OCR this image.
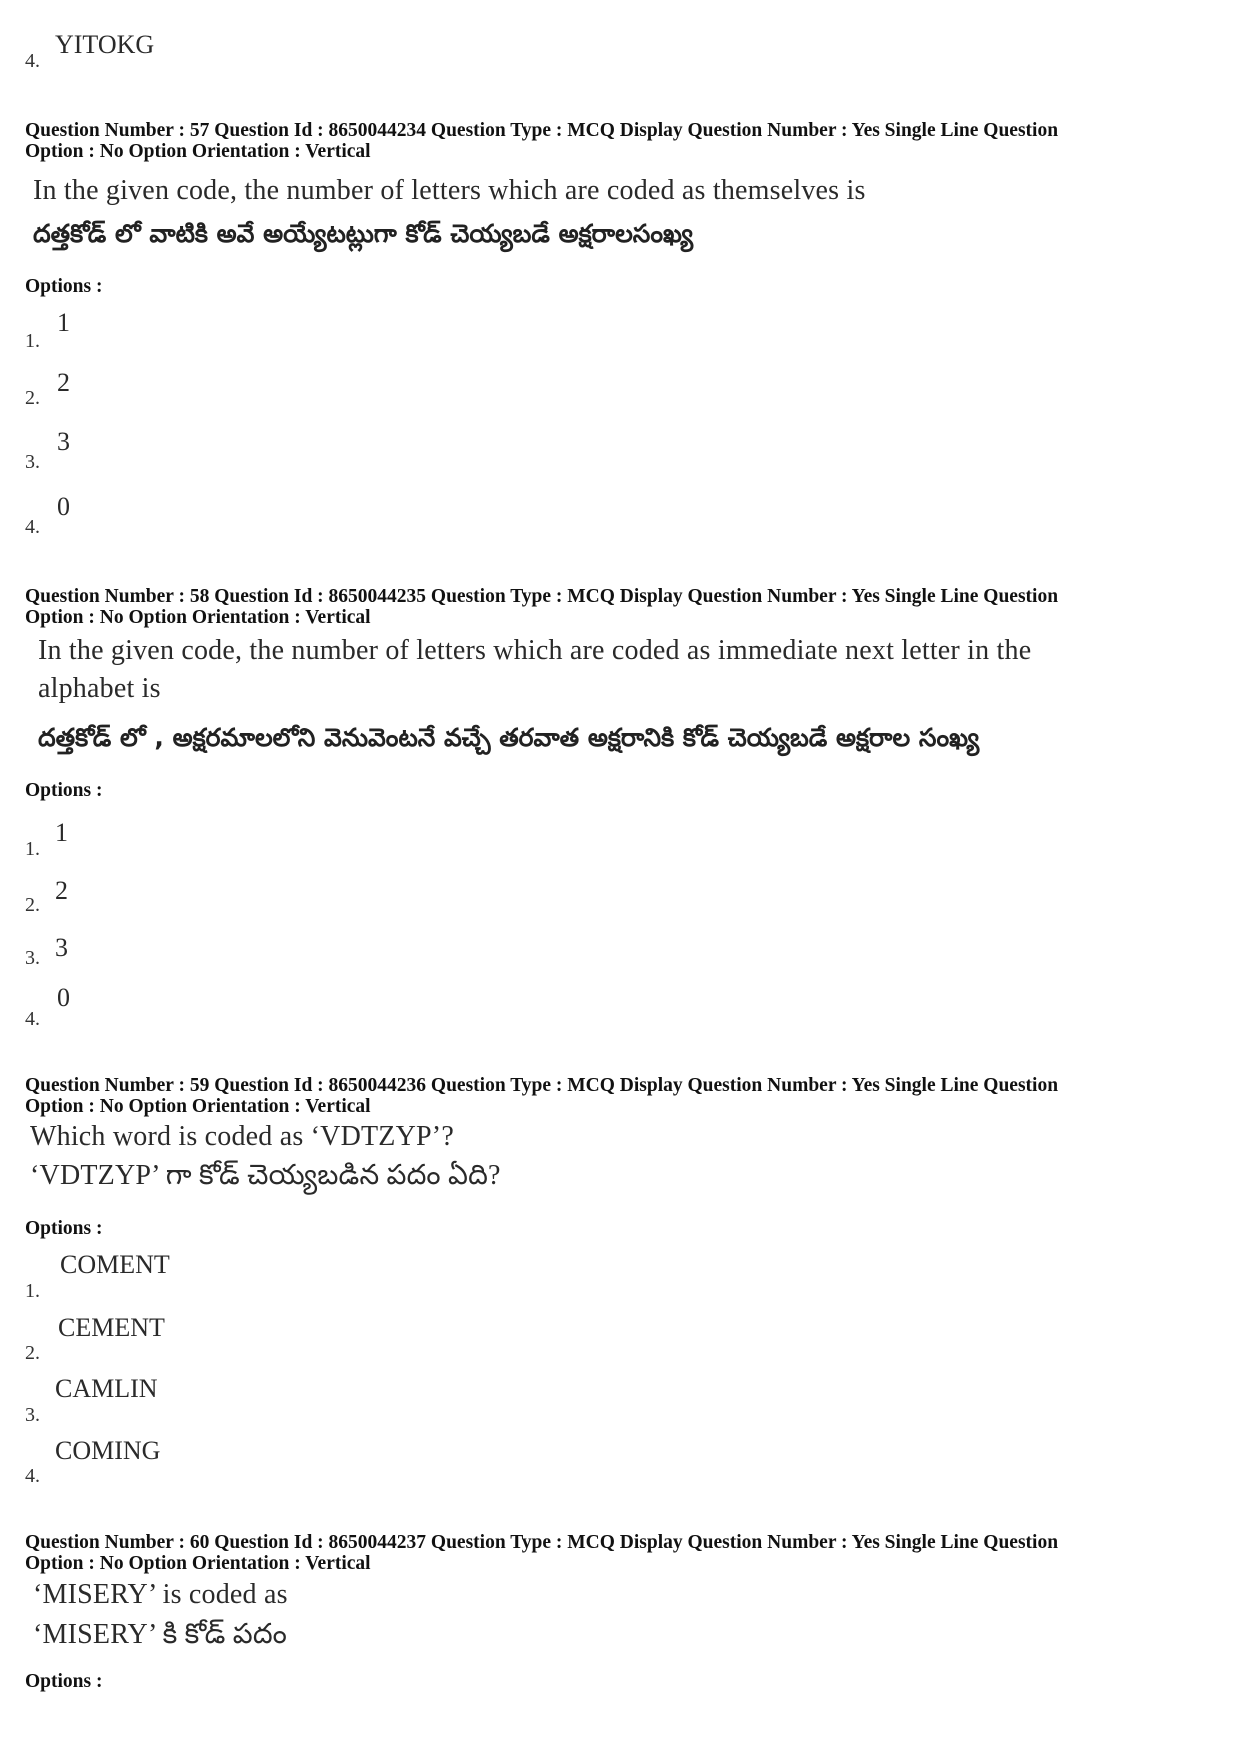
4.
YITOKG
Question Number : 57 Question Id : 8650044234 Question Type : MCQ Display Question Number : Yes Single Line Question
Option : No Option Orientation : Vertical
In the given code, the number of letters which are coded as themselves is
దత్తకోడ్ లో వాటికి అవే అయ్యేటట్లుగా కోడ్ చెయ్యబడే అక్షరాలసంఖ్య
Options :
1.
1
2.
2
3.
3
4.
0
Question Number : 58 Question Id : 8650044235 Question Type : MCQ Display Question Number : Yes Single Line Question
Option : No Option Orientation : Vertical
In the given code, the number of letters which are coded as immediate next letter in the
alphabet is
దత్తకోడ్ లో , అక్షరమాలలోని వెనువెంటనే వచ్చే తరవాత అక్షరానికి కోడ్ చెయ్యబడే అక్షరాల సంఖ్య
Options :
1.
1
2. 2
3. 3
4.
0
Question Number : 59 Question Id : 8650044236 Question Type : MCQ Display Question Number : Yes Single Line Question
Option : No Option Orientation : Vertical
Which word is coded as ‘VDTZYP’?
‘VDTZYP’ గా కోడ్ చెయ్యబడిన పదం ఏది?
Options :
1.
COMENT
2.
CEMENT
3.
CAMLIN
4.
COMING
Question Number : 60 Question Id : 8650044237 Question Type : MCQ Display Question Number : Yes Single Line Question
Option : No Option Orientation : Vertical
‘MISERY’ is coded as
‘MISERY’ కి కోడ్ పదం
Options :
